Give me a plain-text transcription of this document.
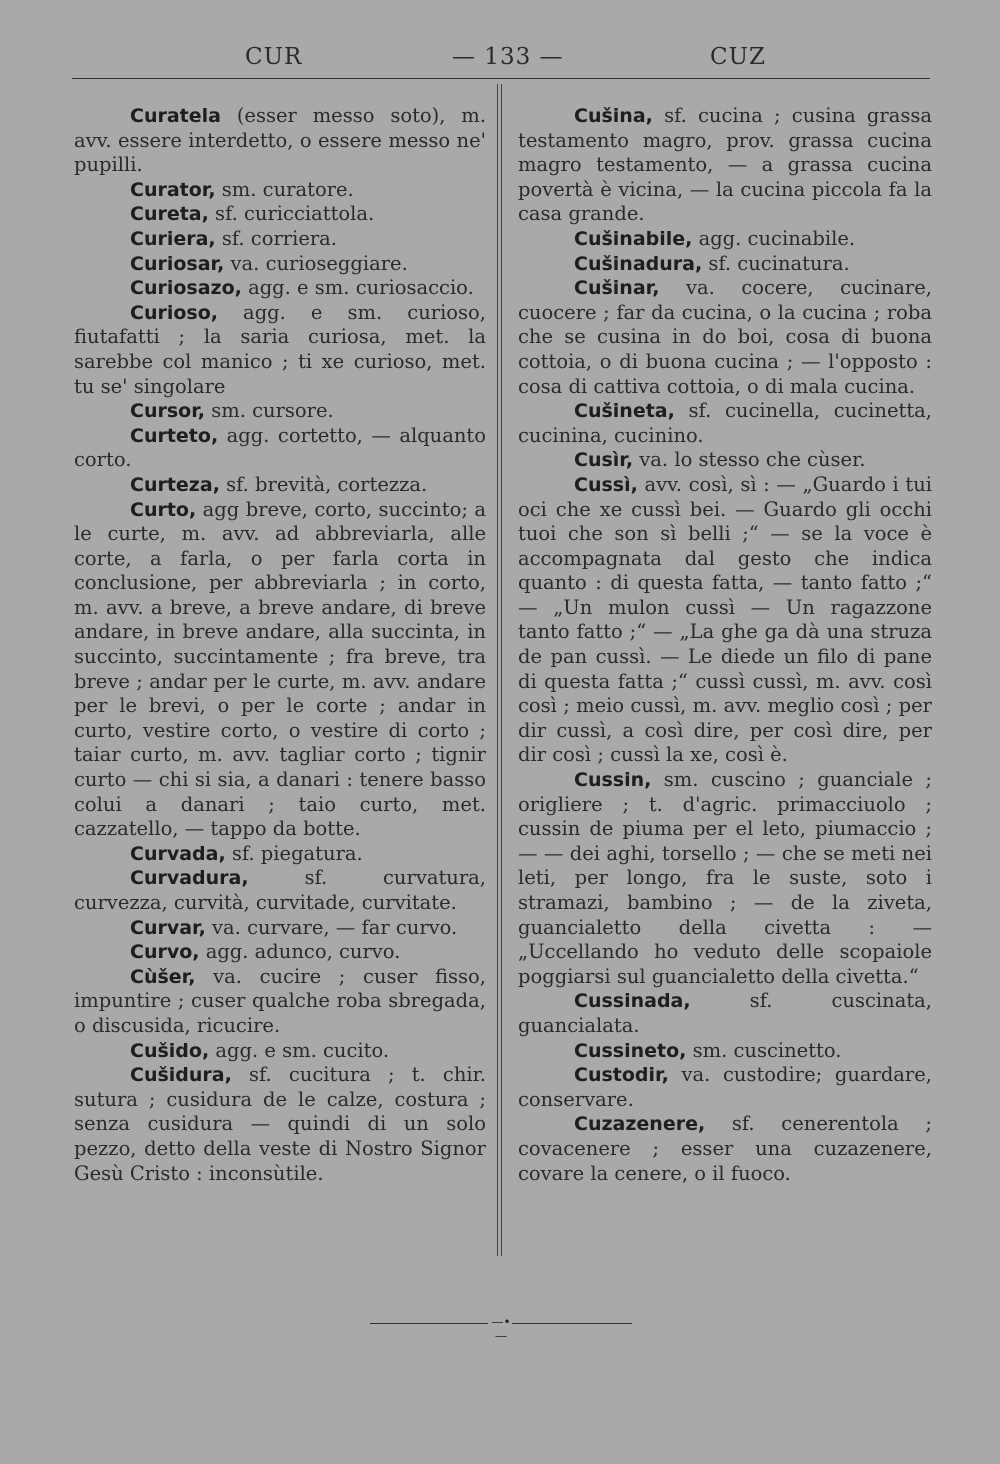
CUR	— 133 —	CUZ

Curatela (esser messo soto), m. avv. essere interdetto, o essere messo ne' pupilli.

Curator, sm. curatore.

Cureta, sf. curicciattola.

Curiera, sf. corriera.

Curiosar, va. curioseggiare.

Curiosazo, agg. e sm. curiosaccio.

Curioso, agg. e sm. curioso, fiutafatti ; la saria curiosa, met. la sarebbe col manico ; ti xe curioso, met. tu se' singolare

Cursor, sm. cursore.

Curteto, agg. cortetto, — alquanto corto.

Curteza, sf. brevità, cortezza.

Curto, agg breve, corto, succinto; a le curte, m. avv. ad abbreviarla, alle corte, a farla, o per farla corta in conclusione, per abbreviarla ; in corto, m. avv. a breve, a breve andare, di breve andare, in breve andare, alla succinta, in succinto, succintamente ; fra breve, tra breve ; andar per le curte, m. avv. andare per le brevi, o per le corte ; andar in curto, vestire corto, o vestire di corto ; taiar curto, m. avv. tagliar corto ; tignir curto — chi si sia, a danari : tenere basso colui a danari ; taio curto, met. cazzatello, — tappo da botte.

Curvada, sf. piegatura.

Curvadura, sf. curvatura, curvezza, curvità, curvitade, curvitate.

Curvar, va. curvare, — far curvo.

Curvo, agg. adunco, curvo.

Cùšer, va. cucire ; cuser fisso, impuntire ; cuser qualche roba sbregada, o discusida, ricucire.

Cušido, agg. e sm. cucito.

Cušidura, sf. cucitura ; t. chir. sutura ; cusidura de le calze, costura ; senza cusidura — quindi di un solo pezzo, detto della veste di Nostro Signor Gesù Cristo : inconsùtile.

Cušina, sf. cucina ; cusina grassa testamento magro, prov. grassa cucina magro testamento, — a grassa cucina povertà è vicina, — la cucina piccola fa la casa grande.

Cušinabile, agg. cucinabile.

Cušinadura, sf. cucinatura.

Cušinar, va. cocere, cucinare, cuocere ; far da cucina, o la cucina ; roba che se cusina in do boi, cosa di buona cottoia, o di buona cucina ; — l'opposto : cosa di cattiva cottoia, o di mala cucina.

Cušineta, sf. cucinella, cucinetta, cucinina, cucinino.

Cusìr, va. lo stesso che cùser.

Cussì, avv. così, sì : — „Guardo i tui oci che xe cussì bei. — Guardo gli occhi tuoi che son sì belli ;“ — se la voce è accompagnata dal gesto che indica quanto : di questa fatta, — tanto fatto ;“ — „Un mulon cussì — Un ragazzone tanto fatto ;“ — „La ghe ga dà una struza de pan cussì. — Le diede un filo di pane di questa fatta ;“ cussì cussì, m. avv. così così ; meio cussì, m. avv. meglio così ; per dir cussì, a così dire, per così dire, per dir così ; cussì la xe, così è.

Cussin, sm. cuscino ; guanciale ; origliere ; t. d'agric. primacciuolo ; cussin de piuma per el leto, piumaccio ; — — dei aghi, torsello ; — che se meti nei leti, per longo, fra le suste, soto i stramazi, bambino ; — de la ziveta, guancialetto della civetta : — „Uccellando ho veduto delle scopaiole poggiarsi sul guancialetto della civetta.“

Cussinada, sf. cuscinata, guancialata.

Cussineto, sm. cuscinetto.

Custodir, va. custodire; guardare, conservare.

Cuzazenere, sf. cenerentola ; covacenere ; esser una cuzazenere, covare la cenere, o il fuoco.

—•—
